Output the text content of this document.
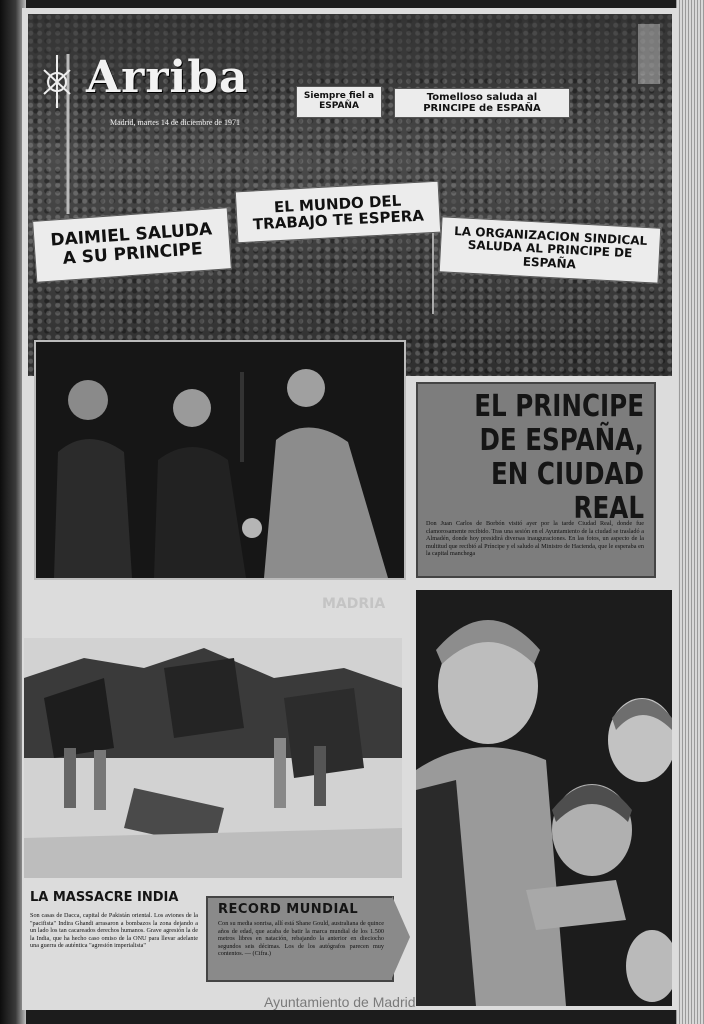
Arriba
Madrid, martes 14 de diciembre de 1971
Siempre fiel a ESPAÑA
Tomelloso saluda al PRINCIPE de ESPAÑA
DAIMIEL SALUDA A SU PRINCIPE
EL MUNDO DEL TRABAJO TE ESPERA
LA ORGANIZACION SINDICAL SALUDA AL PRINCIPE DE ESPAÑA
EL PRINCIPE
DE ESPAÑA,
EN CIUDAD REAL
Don Juan Carlos de Borbón visitó ayer por la tarde Ciudad Real, donde fue clamorosamente recibido. Tras una sesión en el Ayuntamiento de la ciudad se trasladó a Almadén, donde hoy presidirá diversas inauguraciones. En las fotos, un aspecto de la multitud que recibió al Príncipe y el saludo al Ministro de Hacienda, que le esperaba en la capital manchega
MADRIA
LA MASSACRE INDIA
Son casas de Dacca, capital de Pakistán oriental. Los aviones de la "pacifista" Indira Ghandi arrasaron a bombazos la zona dejando a un lado los tan cacareados derechos humanos. Grave agresión la de la India, que ha hecho caso omiso de la ONU para llevar adelante una guerra de auténtica "agresión imperialista"
RECORD MUNDIAL
Con su media sonrisa, allí está Shane Gould, australiana de quince años de edad, que acaba de batir la marca mundial de los 1.500 metros libres en natación, rebajando la anterior en dieciocho segundos seis décimas. Los de los autógrafos parecen muy contentos. — (Cifra.)
Ayuntamiento de Madrid
